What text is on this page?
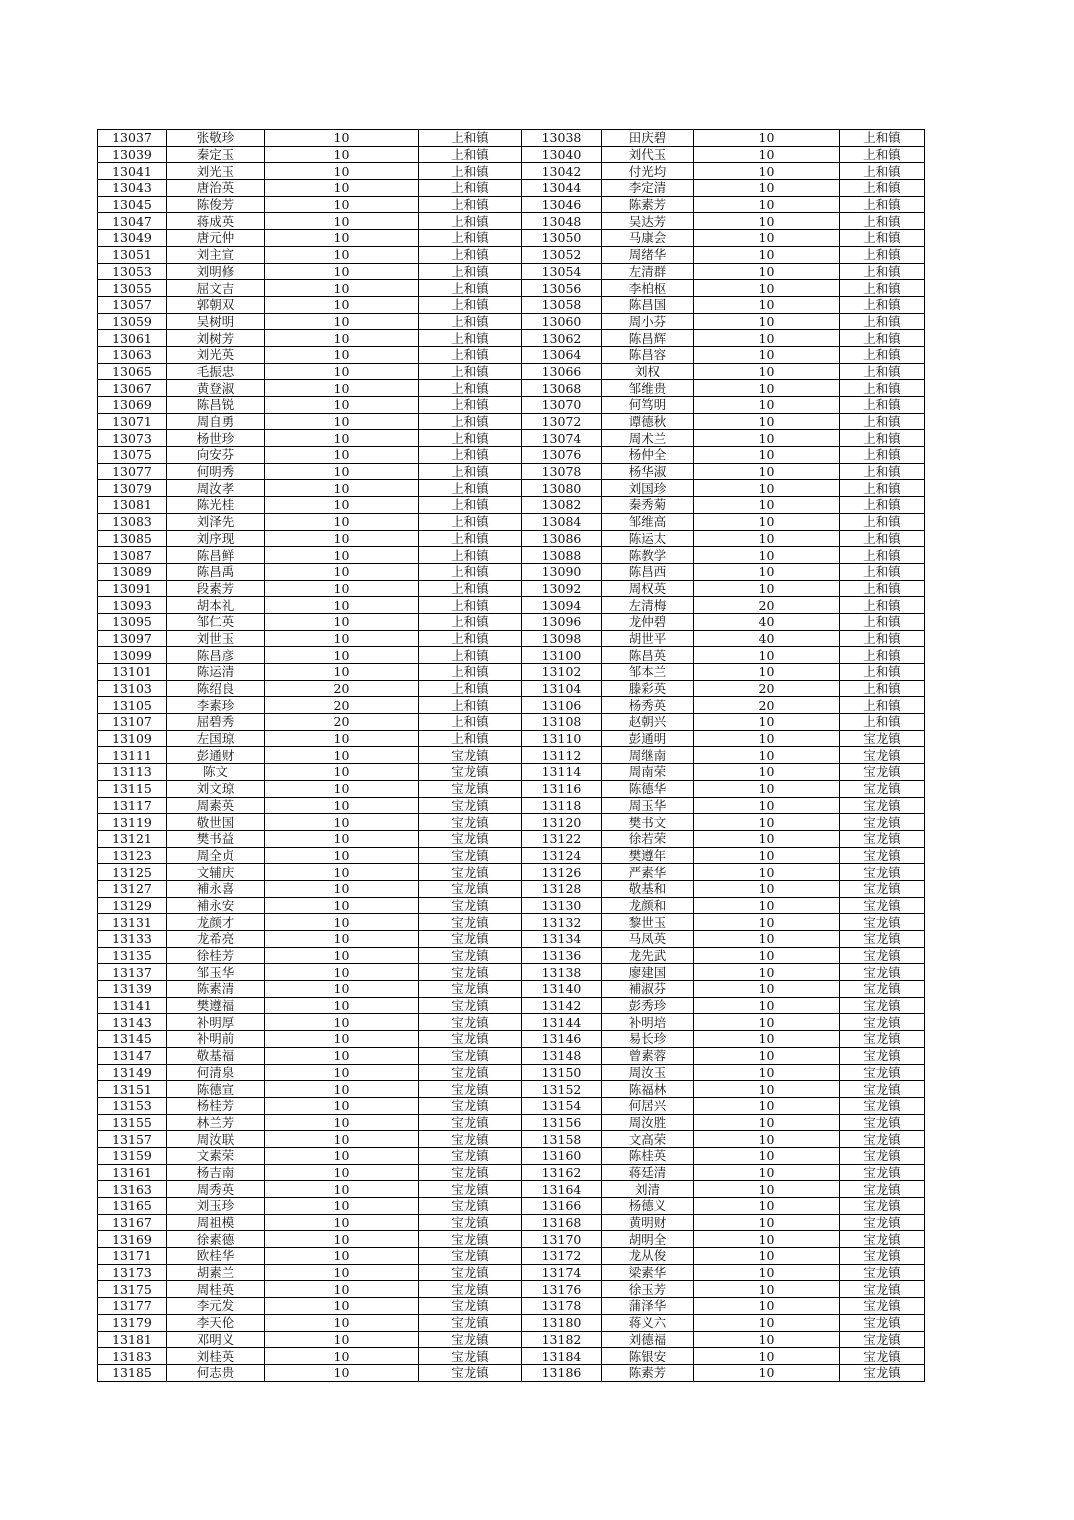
13037	张敬珍	10	上和镇	13038	田庆碧	10	上和镇
13039	秦定玉	10	上和镇	13040	刘代玉	10	上和镇
13041	刘光玉	10	上和镇	13042	付光均	10	上和镇
13043	唐治英	10	上和镇	13044	李定清	10	上和镇
13045	陈俊芳	10	上和镇	13046	陈素芳	10	上和镇
13047	蒋成英	10	上和镇	13048	吴达芳	10	上和镇
13049	唐元仲	10	上和镇	13050	马康会	10	上和镇
13051	刘主宣	10	上和镇	13052	周绪华	10	上和镇
13053	刘明修	10	上和镇	13054	左清群	10	上和镇
13055	屈文吉	10	上和镇	13056	李柏枢	10	上和镇
13057	郭朝双	10	上和镇	13058	陈昌国	10	上和镇
13059	吴树明	10	上和镇	13060	周小芬	10	上和镇
13061	刘树芳	10	上和镇	13062	陈昌辉	10	上和镇
13063	刘光英	10	上和镇	13064	陈昌容	10	上和镇
13065	毛振忠	10	上和镇	13066	刘权	10	上和镇
13067	黄登淑	10	上和镇	13068	邹维贵	10	上和镇
13069	陈昌锐	10	上和镇	13070	何笃明	10	上和镇
13071	周自勇	10	上和镇	13072	谭德秋	10	上和镇
13073	杨世珍	10	上和镇	13074	周术兰	10	上和镇
13075	向安芬	10	上和镇	13076	杨仲全	10	上和镇
13077	何明秀	10	上和镇	13078	杨华淑	10	上和镇
13079	周汝孝	10	上和镇	13080	刘国珍	10	上和镇
13081	陈光桂	10	上和镇	13082	秦秀菊	10	上和镇
13083	刘泽先	10	上和镇	13084	邹维高	10	上和镇
13085	刘序现	10	上和镇	13086	陈运太	10	上和镇
13087	陈昌鲜	10	上和镇	13088	陈教学	10	上和镇
13089	陈昌禹	10	上和镇	13090	陈昌西	10	上和镇
13091	段素芳	10	上和镇	13092	周权英	10	上和镇
13093	胡本礼	10	上和镇	13094	左清梅	20	上和镇
13095	邹仁英	10	上和镇	13096	龙仲碧	40	上和镇
13097	刘世玉	10	上和镇	13098	胡世平	40	上和镇
13099	陈昌彦	10	上和镇	13100	陈昌英	10	上和镇
13101	陈运清	10	上和镇	13102	邹本兰	10	上和镇
13103	陈绍良	20	上和镇	13104	滕彩英	20	上和镇
13105	李素珍	20	上和镇	13106	杨秀英	20	上和镇
13107	屈碧秀	20	上和镇	13108	赵朝兴	10	上和镇
13109	左国琼	10	上和镇	13110	彭通明	10	宝龙镇
13111	彭通财	10	宝龙镇	13112	周继南	10	宝龙镇
13113	陈文	10	宝龙镇	13114	周南荣	10	宝龙镇
13115	刘文琼	10	宝龙镇	13116	陈德华	10	宝龙镇
13117	周素英	10	宝龙镇	13118	周玉华	10	宝龙镇
13119	敬世国	10	宝龙镇	13120	樊书文	10	宝龙镇
13121	樊书益	10	宝龙镇	13122	徐若荣	10	宝龙镇
13123	周全贞	10	宝龙镇	13124	樊遵年	10	宝龙镇
13125	文辅庆	10	宝龙镇	13126	严素华	10	宝龙镇
13127	補永喜	10	宝龙镇	13128	敬基和	10	宝龙镇
13129	補永安	10	宝龙镇	13130	龙颜和	10	宝龙镇
13131	龙颜才	10	宝龙镇	13132	黎世玉	10	宝龙镇
13133	龙希亮	10	宝龙镇	13134	马凤英	10	宝龙镇
13135	徐桂芳	10	宝龙镇	13136	龙先武	10	宝龙镇
13137	邹玉华	10	宝龙镇	13138	廖建国	10	宝龙镇
13139	陈素清	10	宝龙镇	13140	補淑芬	10	宝龙镇
13141	樊遵福	10	宝龙镇	13142	彭秀珍	10	宝龙镇
13143	补明厚	10	宝龙镇	13144	补明培	10	宝龙镇
13145	补明前	10	宝龙镇	13146	易长珍	10	宝龙镇
13147	敬基福	10	宝龙镇	13148	曾素蓉	10	宝龙镇
13149	何清泉	10	宝龙镇	13150	周汝玉	10	宝龙镇
13151	陈德宣	10	宝龙镇	13152	陈福林	10	宝龙镇
13153	杨桂芳	10	宝龙镇	13154	何居兴	10	宝龙镇
13155	林兰芳	10	宝龙镇	13156	周汝胜	10	宝龙镇
13157	周汝联	10	宝龙镇	13158	文高荣	10	宝龙镇
13159	文素荣	10	宝龙镇	13160	陈桂英	10	宝龙镇
13161	杨吉南	10	宝龙镇	13162	蒋廷清	10	宝龙镇
13163	周秀英	10	宝龙镇	13164	刘清	10	宝龙镇
13165	刘玉珍	10	宝龙镇	13166	杨德义	10	宝龙镇
13167	周祖模	10	宝龙镇	13168	黄明财	10	宝龙镇
13169	徐素德	10	宝龙镇	13170	胡明全	10	宝龙镇
13171	欧桂华	10	宝龙镇	13172	龙从俊	10	宝龙镇
13173	胡素兰	10	宝龙镇	13174	梁素华	10	宝龙镇
13175	周桂英	10	宝龙镇	13176	徐玉芳	10	宝龙镇
13177	李元发	10	宝龙镇	13178	蒲泽华	10	宝龙镇
13179	李天伦	10	宝龙镇	13180	蒋义六	10	宝龙镇
13181	邓明义	10	宝龙镇	13182	刘德福	10	宝龙镇
13183	刘桂英	10	宝龙镇	13184	陈银安	10	宝龙镇
13185	何志贵	10	宝龙镇	13186	陈素芳	10	宝龙镇
